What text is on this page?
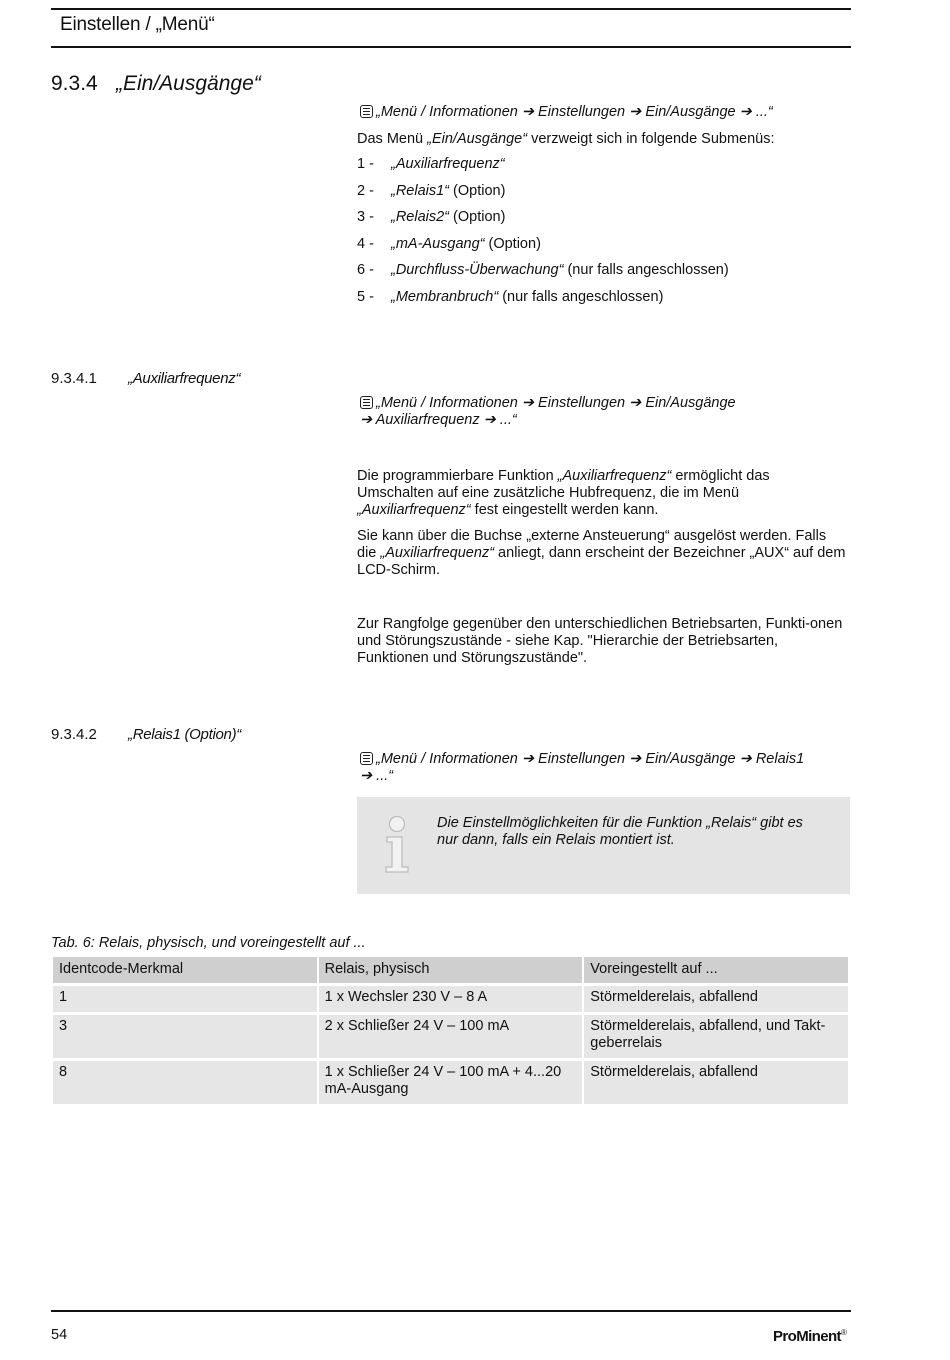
Einstellen / „Menü“
9.3.4 „Ein/Ausgänge“
„Menü / Informationen ➔ Einstellungen ➔ Ein/Ausgänge ➔ ...“
Das Menü „Ein/Ausgänge“ verzweigt sich in folgende Submenüs:
1 - „Auxiliarfrequenz“
2 - „Relais1“ (Option)
3 - „Relais2“ (Option)
4 - „mA-Ausgang“ (Option)
6 - „Durchfluss-Überwachung“ (nur falls angeschlossen)
5 - „Membranbruch“ (nur falls angeschlossen)
9.3.4.1 „Auxiliarfrequenz“
„Menü / Informationen ➔ Einstellungen ➔ Ein/Ausgänge
➔ Auxiliarfrequenz ➔ ...“
Die programmierbare Funktion „Auxiliarfrequenz“ ermöglicht das Umschalten auf eine zusätzliche Hubfrequenz, die im Menü „Auxiliarfrequenz“ fest eingestellt werden kann.
Sie kann über die Buchse „externe Ansteuerung“ ausgelöst werden. Falls die „Auxiliarfrequenz“ anliegt, dann erscheint der Bezeichner „AUX“ auf dem LCD-Schirm.
Zur Rangfolge gegenüber den unterschiedlichen Betriebsarten, Funkti-onen und Störungszustände - siehe Kap. "Hierarchie der Betriebsarten, Funktionen und Störungszustände".
9.3.4.2 „Relais1 (Option)“
„Menü / Informationen ➔ Einstellungen ➔ Ein/Ausgänge ➔ Relais1
➔ ...“
Die Einstellmöglichkeiten für die Funktion „Relais“ gibt es nur dann, falls ein Relais montiert ist.
Tab. 6: Relais, physisch, und voreingestellt auf ...
Identcode-Merkmal	Relais, physisch	Voreingestellt auf ...
1	1 x Wechsler 230 V – 8 A	Störmelderelais, abfallend
3	2 x Schließer 24 V – 100 mA	Störmelderelais, abfallend, und Takt-geberrelais
8	1 x Schließer 24 V – 100 mA + 4...20 mA-Ausgang	Störmelderelais, abfallend
54	ProMinent®
